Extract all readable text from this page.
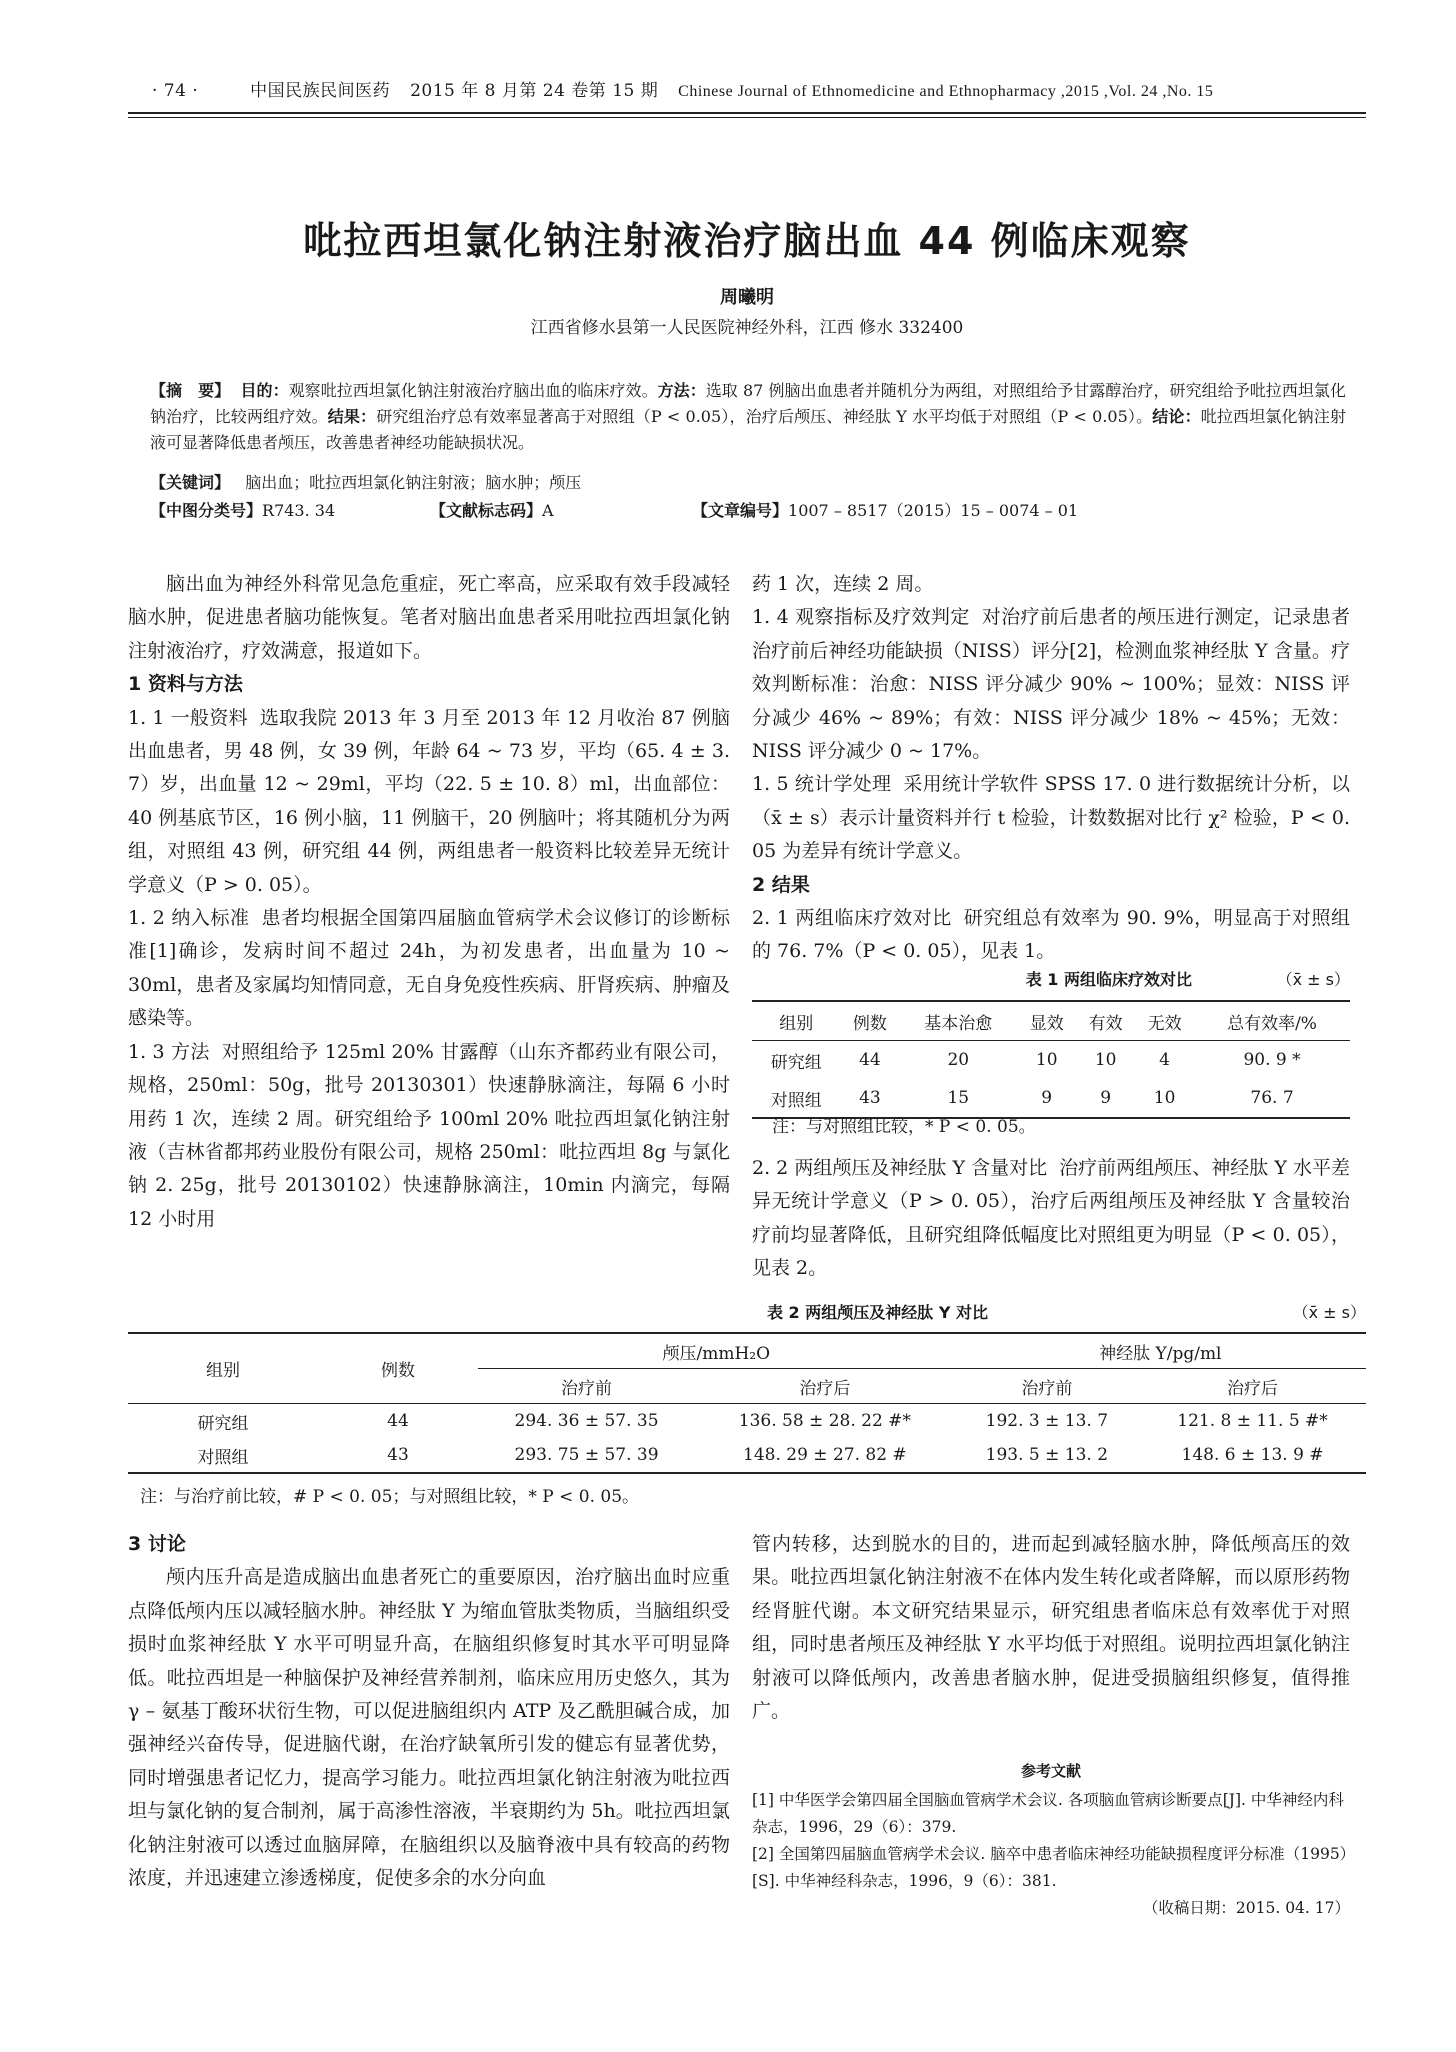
· 74 ·	中国民族民间医药 2015 年 8 月第 24 卷第 15 期 Chinese Journal of Ethnomedicine and Ethnopharmacy ,2015 ,Vol. 24 ,No. 15
吡拉西坦氯化钠注射液治疗脑出血 44 例临床观察
周曦明
江西省修水县第一人民医院神经外科，江西 修水 332400
【摘　要】 目的：观察吡拉西坦氯化钠注射液治疗脑出血的临床疗效。方法：选取 87 例脑出血患者并随机分为两组，对照组给予甘露醇治疗，研究组给予吡拉西坦氯化钠治疗，比较两组疗效。结果：研究组治疗总有效率显著高于对照组（P < 0.05），治疗后颅压、神经肽 Y 水平均低于对照组（P < 0.05）。结论：吡拉西坦氯化钠注射液可显著降低患者颅压，改善患者神经功能缺损状况。
【关键词】 脑出血；吡拉西坦氯化钠注射液；脑水肿；颅压
【中图分类号】R743. 34	【文献标志码】A	【文章编号】1007 – 8517（2015）15 – 0074 – 01

脑出血为神经外科常见急危重症，死亡率高，应采取有效手段减轻脑水肿，促进患者脑功能恢复。笔者对脑出血患者采用吡拉西坦氯化钠注射液治疗，疗效满意，报道如下。

1 资料与方法

1. 1 一般资料 选取我院 2013 年 3 月至 2013 年 12 月收治 87 例脑出血患者，男 48 例，女 39 例，年龄 64 ~ 73 岁，平均（65. 4 ± 3. 7）岁，出血量 12 ~ 29ml，平均（22. 5 ± 10. 8）ml，出血部位：40 例基底节区，16 例小脑，11 例脑干，20 例脑叶；将其随机分为两组，对照组 43 例，研究组 44 例，两组患者一般资料比较差异无统计学意义（P > 0. 05）。

1. 2 纳入标准 患者均根据全国第四届脑血管病学术会议修订的诊断标准[1]确诊，发病时间不超过 24h，为初发患者，出血量为 10 ~ 30ml，患者及家属均知情同意，无自身免疫性疾病、肝肾疾病、肿瘤及感染等。

1. 3 方法 对照组给予 125ml 20% 甘露醇（山东齐都药业有限公司，规格，250ml：50g，批号 20130301）快速静脉滴注，每隔 6 小时用药 1 次，连续 2 周。研究组给予 100ml 20% 吡拉西坦氯化钠注射液（吉林省都邦药业股份有限公司，规格 250ml：吡拉西坦 8g 与氯化钠 2. 25g，批号 20130102）快速静脉滴注，10min 内滴完，每隔 12 小时用

药 1 次，连续 2 周。

1. 4 观察指标及疗效判定 对治疗前后患者的颅压进行测定，记录患者治疗前后神经功能缺损（NISS）评分[2]，检测血浆神经肽 Y 含量。疗效判断标准：治愈：NISS 评分减少 90% ~ 100%；显效：NISS 评分减少 46% ~ 89%；有效：NISS 评分减少 18% ~ 45%；无效：NISS 评分减少 0 ~ 17%。

1. 5 统计学处理 采用统计学软件 SPSS 17. 0 进行数据统计分析，以（x̄ ± s）表示计量资料并行 t 检验，计数数据对比行 χ² 检验，P < 0. 05 为差异有统计学意义。

2 结果

2. 1 两组临床疗效对比 研究组总有效率为 90. 9%，明显高于对照组的 76. 7%（P < 0. 05），见表 1。

表 1 两组临床疗效对比	（x̄ ± s）
组别	例数	基本治愈	显效	有效	无效	总有效率/%
研究组	44	20	10	10	4	90. 9 *
对照组	43	15	9	9	10	76. 7
注：与对照组比较，* P < 0. 05。

2. 2 两组颅压及神经肽 Y 含量对比 治疗前两组颅压、神经肽 Y 水平差异无统计学意义（P > 0. 05），治疗后两组颅压及神经肽 Y 含量较治疗前均显著降低，且研究组降低幅度比对照组更为明显（P < 0. 05），见表 2。

表 2 两组颅压及神经肽 Y 对比	（x̄ ± s）
组别	例数	颅压/mmH₂O		神经肽 Y/pg/ml	
		治疗前	治疗后	治疗前	治疗后
研究组	44	294. 36 ± 57. 35	136. 58 ± 28. 22 #*	192. 3 ± 13. 7	121. 8 ± 11. 5 #*
对照组	43	293. 75 ± 57. 39	148. 29 ± 27. 82 #	193. 5 ± 13. 2	148. 6 ± 13. 9 #
注：与治疗前比较，# P < 0. 05；与对照组比较，* P < 0. 05。

3 讨论

颅内压升高是造成脑出血患者死亡的重要原因，治疗脑出血时应重点降低颅内压以减轻脑水肿。神经肽 Y 为缩血管肽类物质，当脑组织受损时血浆神经肽 Y 水平可明显升高，在脑组织修复时其水平可明显降低。吡拉西坦是一种脑保护及神经营养制剂，临床应用历史悠久，其为 γ – 氨基丁酸环状衍生物，可以促进脑组织内 ATP 及乙酰胆碱合成，加强神经兴奋传导，促进脑代谢，在治疗缺氧所引发的健忘有显著优势，同时增强患者记忆力，提高学习能力。吡拉西坦氯化钠注射液为吡拉西坦与氯化钠的复合制剂，属于高渗性溶液，半衰期约为 5h。吡拉西坦氯化钠注射液可以透过血脑屏障，在脑组织以及脑脊液中具有较高的药物浓度，并迅速建立渗透梯度，促使多余的水分向血

管内转移，达到脱水的目的，进而起到减轻脑水肿，降低颅高压的效果。吡拉西坦氯化钠注射液不在体内发生转化或者降解，而以原形药物经肾脏代谢。本文研究结果显示，研究组患者临床总有效率优于对照组，同时患者颅压及神经肽 Y 水平均低于对照组。说明拉西坦氯化钠注射液可以降低颅内，改善患者脑水肿，促进受损脑组织修复，值得推广。

参考文献
[1] 中华医学会第四届全国脑血管病学术会议. 各项脑血管病诊断要点[J]. 中华神经内科杂志，1996，29（6）：379.
[2] 全国第四届脑血管病学术会议. 脑卒中患者临床神经功能缺损程度评分标准（1995）[S]. 中华神经科杂志，1996，9（6）：381.
（收稿日期：2015. 04. 17）
